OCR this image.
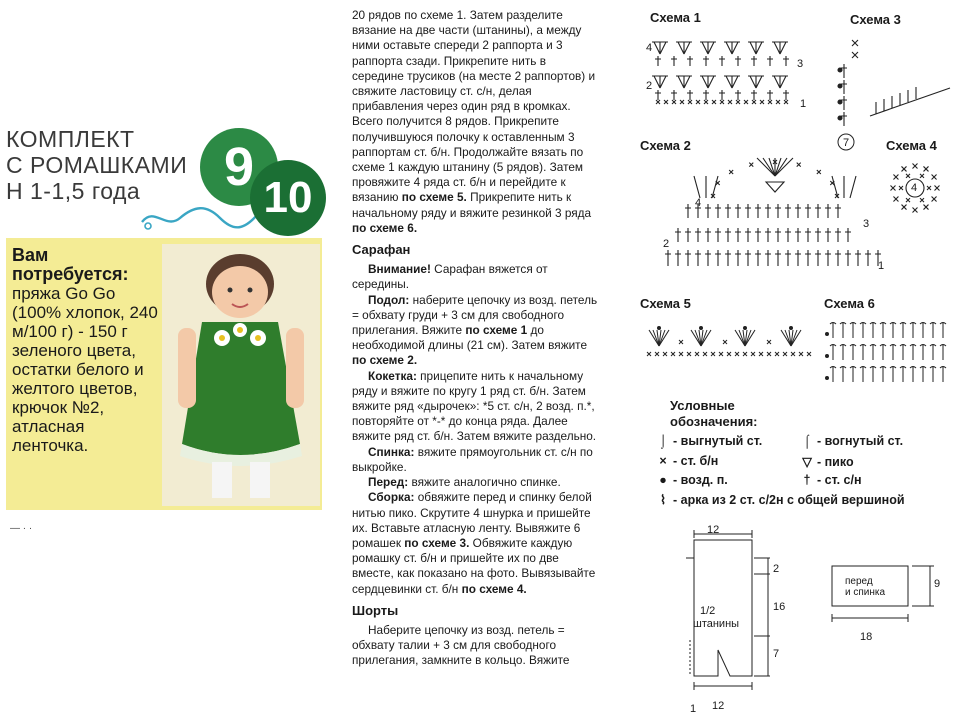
КОМПЛЕКТ
С РОМАШКАМИ
Н 1-1,5 года	9
10
Вам потребуется:
пряжа Go Go (100% хлопок, 240 м/100 г) - 150 г зеленого цвета, остатки белого и желтого цветов, крючок №2, атласная ленточка.
— · ·

20 рядов по схеме 1. Затем разделите вязание на две части (штанины), а между ними оставьте спереди 2 раппорта и 3 раппорта сзади. Прикрепите нить в середине трусиков (на месте 2 раппортов) и свяжите ластовицу ст. с/н, делая прибавления через один ряд в кромках. Всего получится 8 рядов. Прикрепите получившуюся полочку к оставленным 3 раппортам ст. б/н. Продолжайте вязать по схеме 1 каждую штанину (5 рядов). Затем провяжите 4 ряда ст. б/н и перейдите к вязанию по схеме 5. Прикрепите нить к начальному ряду и вяжите резинкой 3 ряда по схеме 6.

Сарафан

Внимание! Сарафан вяжется от середины.

Подол: наберите цепочку из возд. петель = обхвату груди + 3 см для свободного прилегания. Вяжите по схеме 1 до необходимой длины (21 см). Затем вяжите по схеме 2.

Кокетка: прицепите нить к начальному ряду и вяжите по кругу 1 ряд ст. б/н. Затем вяжите ряд «дырочек»: *5 ст. с/н, 2 возд. п.*, повторяйте от *-* до конца ряда. Далее вяжите ряд ст. б/н. Затем вяжите раздельно.

Спинка: вяжите прямоугольник ст. с/н по выкройке.

Перед: вяжите аналогично спинке.

Сборка: обвяжите перед и спинку белой нитью пико. Скрутите 4 шнурка и пришейте их. Вставьте атласную ленту. Вывяжите 6 ромашек по схеме 3. Обвяжите каждую ромашку ст. б/н и пришейте их по две вместе, как показано на фото. Вывязывайте сердцевинки ст. б/н по схеме 4.

Шорты

Наберите цепочку из возд. петель = обхвату талии + 3 см для свободного прилегания, замкните в кольцо. Вяжите

Схема 1	Схема 3
Схема 2	Схема 4
Схема 5	Схема 6
4
3
2
1
7
4
3
2
1
4
Условные
обозначения:
⌡ - выгнутый ст.	⌠ - вогнутый ст.
× - ст. б/н	▽ - пико
● - возд. п.	† - ст. с/н
⌇ - арка из 2 ст. с/2н с общей вершиной
12
2
16
7
1 12
1/2
штанины
перед
и спинка
9
18
